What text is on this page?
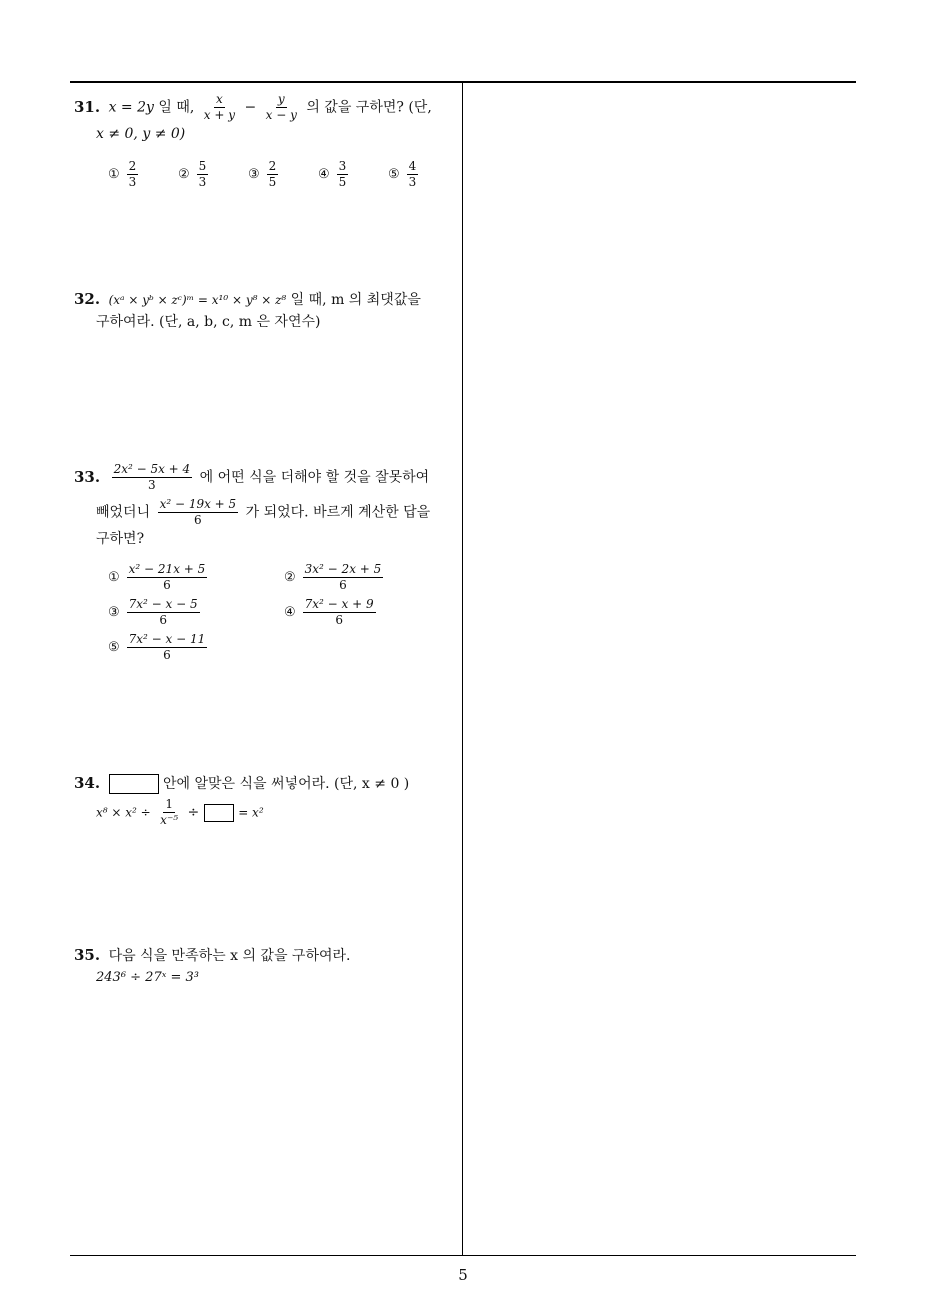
31. x = 2y 일 때, $\frac{x}{x + y} - \frac{y}{x - y}$ 의 값을 구하면? (단,
x ≠ 0, y ≠ 0)
① $\frac{2}{3}$	② $\frac{5}{3}$	③ $\frac{2}{5}$	④ $\frac{3}{5}$	⑤ $\frac{4}{3}$
32. (xᵃ × yᵇ × zᶜ)ᵐ = x¹⁰ × y⁸ × z⁸ 일 때, m 의 최댓값을
구하여라. (단, a, b, c, m 은 자연수)
33. $\frac{\text{2x² − 5x + 4}}{3}$ 에 어떤 식을 더해야 할 것을 잘못하여
빼었더니 $\frac{\text{x² − 19x + 5}}{6}$ 가 되었다. 바르게 계산한 답을
구하면?
① $\frac{\text{x² − 21x + 5}}{6}$	② $\frac{\text{3x² − 2x + 5}}{6}$
③ $\frac{\text{7x² − x − 5}}{6}$	④ $\frac{\text{7x² − x + 9}}{6}$
⑤ $\frac{\text{7x² − x − 11}}{6}$
34.	안에 알맞은 식을 써넣어라. (단, x ≠ 0 )
$x^8 \times x^2 \div \frac{1}{\text{x⁻⁵}}$ ÷	= x²
35. 다음 식을 만족하는 x 의 값을 구하여라.
243⁶ ÷ 27ˣ = 3³
5
